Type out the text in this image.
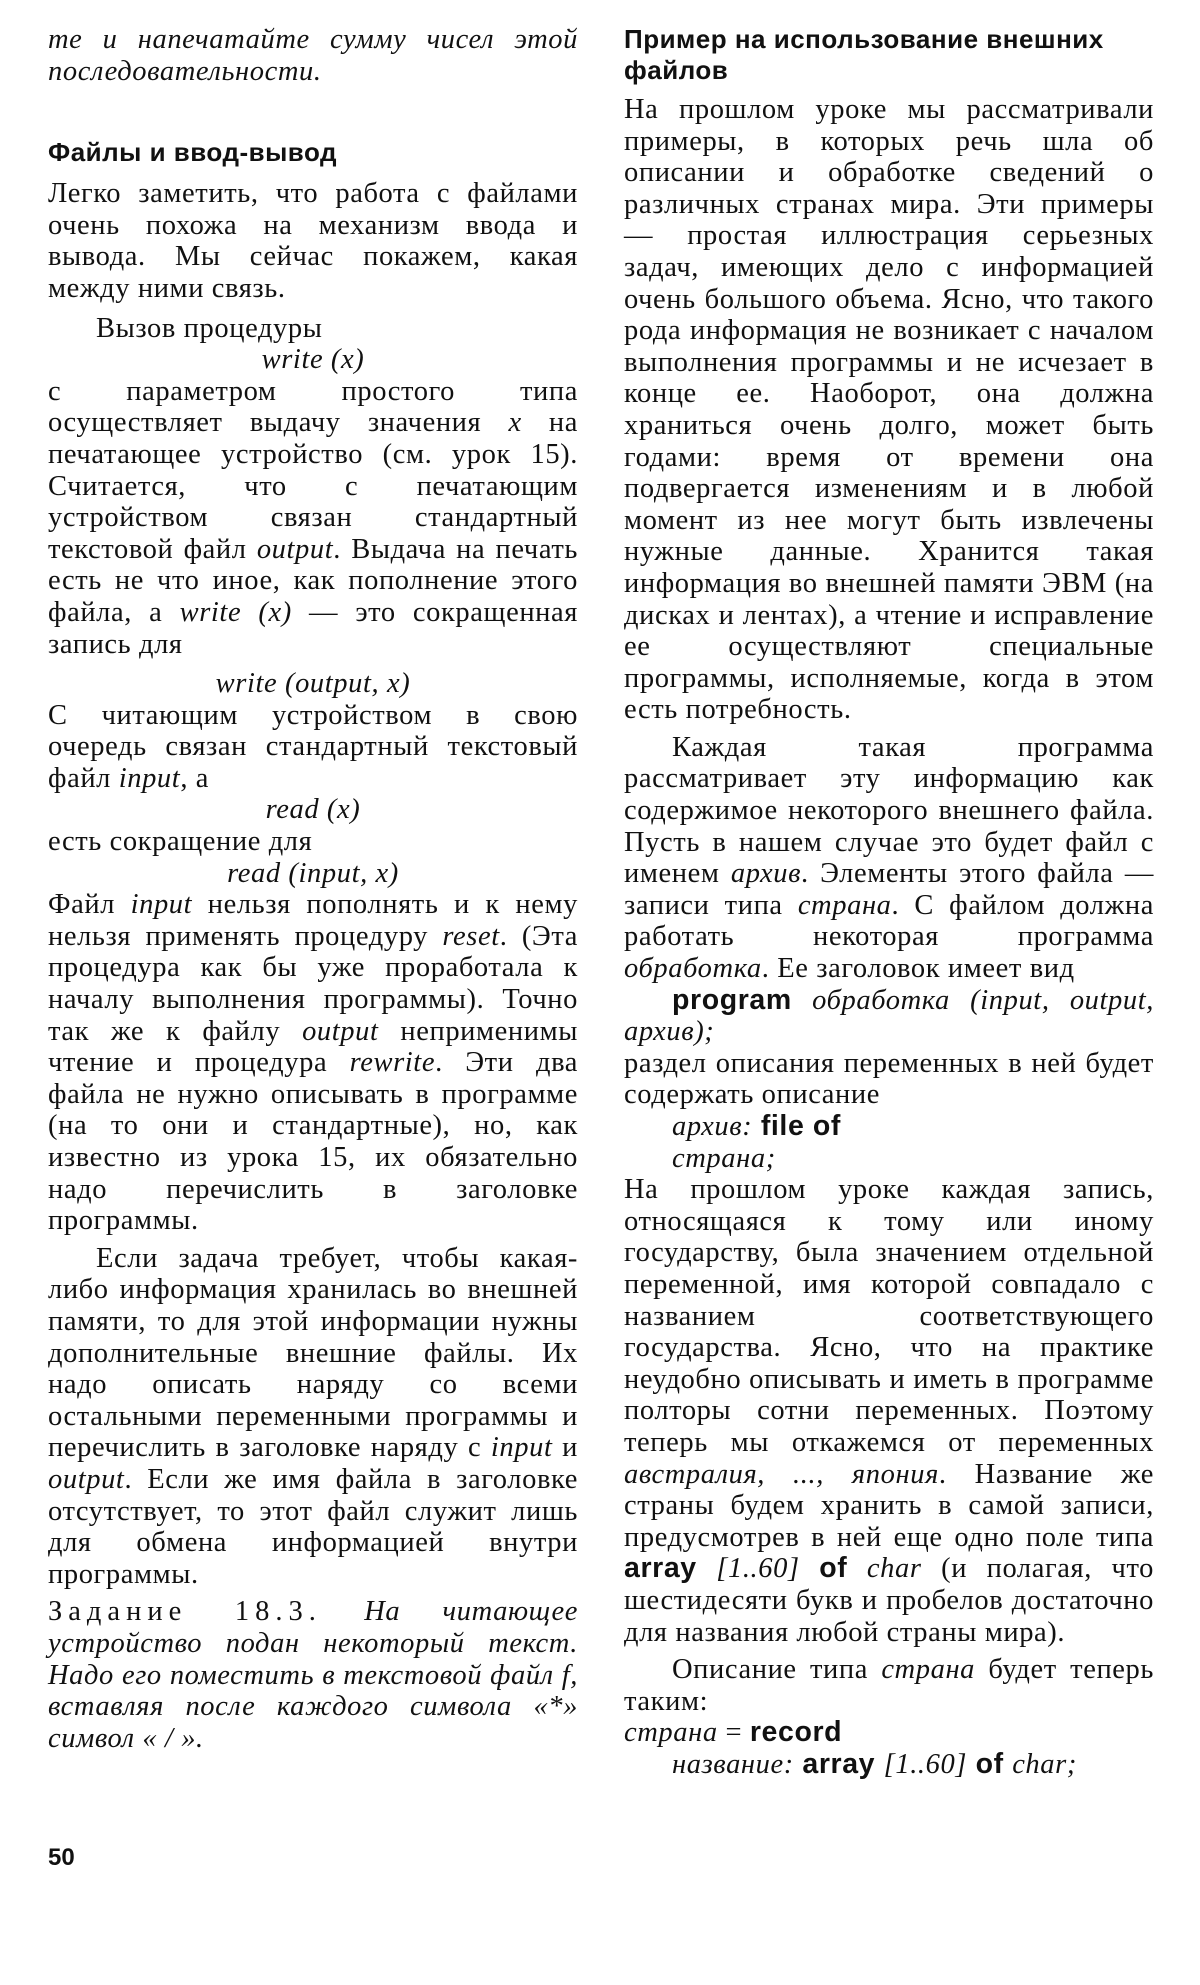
те и напечатайте сумму чисел этой последовательности.

Файлы и ввод-вывод

Легко заметить, что работа с файлами очень похожа на механизм ввода и вывода. Мы сейчас покажем, какая между ними связь.

Вызов процедуры

write (x)

с параметром простого типа осуществляет выдачу значения x на печатающее устройство (см. урок 15). Считается, что с печатающим устройством связан стандартный текстовой файл output. Выдача на печать есть не что иное, как пополнение этого файла, а write (x) — это сокращенная запись для

write (output, x)

С читающим устройством в свою очередь связан стандартный текстовый файл input, а

read (x)

есть сокращение для

read (input, x)

Файл input нельзя пополнять и к нему нельзя применять процедуру reset. (Эта процедура как бы уже проработала к началу выполнения программы). Точно так же к файлу output неприменимы чтение и процедура rewrite. Эти два файла не нужно описывать в программе (на то они и стандартные), но, как известно из урока 15, их обязательно надо перечислить в заголовке программы.

Если задача требует, чтобы какая-либо информация хранилась во внешней памяти, то для этой информации нужны дополнительные внешние файлы. Их надо описать наряду со всеми остальными переменными программы и перечислить в заголовке наряду с input и output. Если же имя файла в заголовке отсутствует, то этот файл служит лишь для обмена информацией внутри программы.

Задание 18.3. На читающее устройство подан некоторый текст. Надо его поместить в текстовой файл f, вставляя после каждого символа «*» символ « / ».

Пример на использование внешних файлов

На прошлом уроке мы рассматривали примеры, в которых речь шла об описании и обработке сведений о различных странах мира. Эти примеры — простая иллюстрация серьезных задач, имеющих дело с информацией очень большого объема. Ясно, что такого рода информация не возникает с началом выполнения программы и не исчезает в конце ее. Наоборот, она должна храниться очень долго, может быть годами: время от времени она подвергается изменениям и в любой момент из нее могут быть извлечены нужные данные. Хранится такая информация во внешней памяти ЭВМ (на дисках и лентах), а чтение и исправление ее осуществляют специальные программы, исполняемые, когда в этом есть потребность.

Каждая такая программа рассматривает эту информацию как содержимое некоторого внешнего файла. Пусть в нашем случае это будет файл с именем архив. Элементы этого файла — записи типа страна. С файлом должна работать некоторая программа обработка. Ее заголовок имеет вид

program обработка (input, output, архив);

раздел описания переменных в ней будет содержать описание

архив: file of

страна;

На прошлом уроке каждая запись, относящаяся к тому или иному государству, была значением отдельной переменной, имя которой совпадало с названием соответствующего государства. Ясно, что на практике неудобно описывать и иметь в программе полторы сотни переменных. Поэтому теперь мы откажемся от переменных австралия, ..., япония. Название же страны будем хранить в самой записи, предусмотрев в ней еще одно поле типа array [1..60] of char (и полагая, что шестидесяти букв и пробелов достаточно для названия любой страны мира).

Описание типа страна будет теперь таким:

страна = record

название: array [1..60] of char;

50
